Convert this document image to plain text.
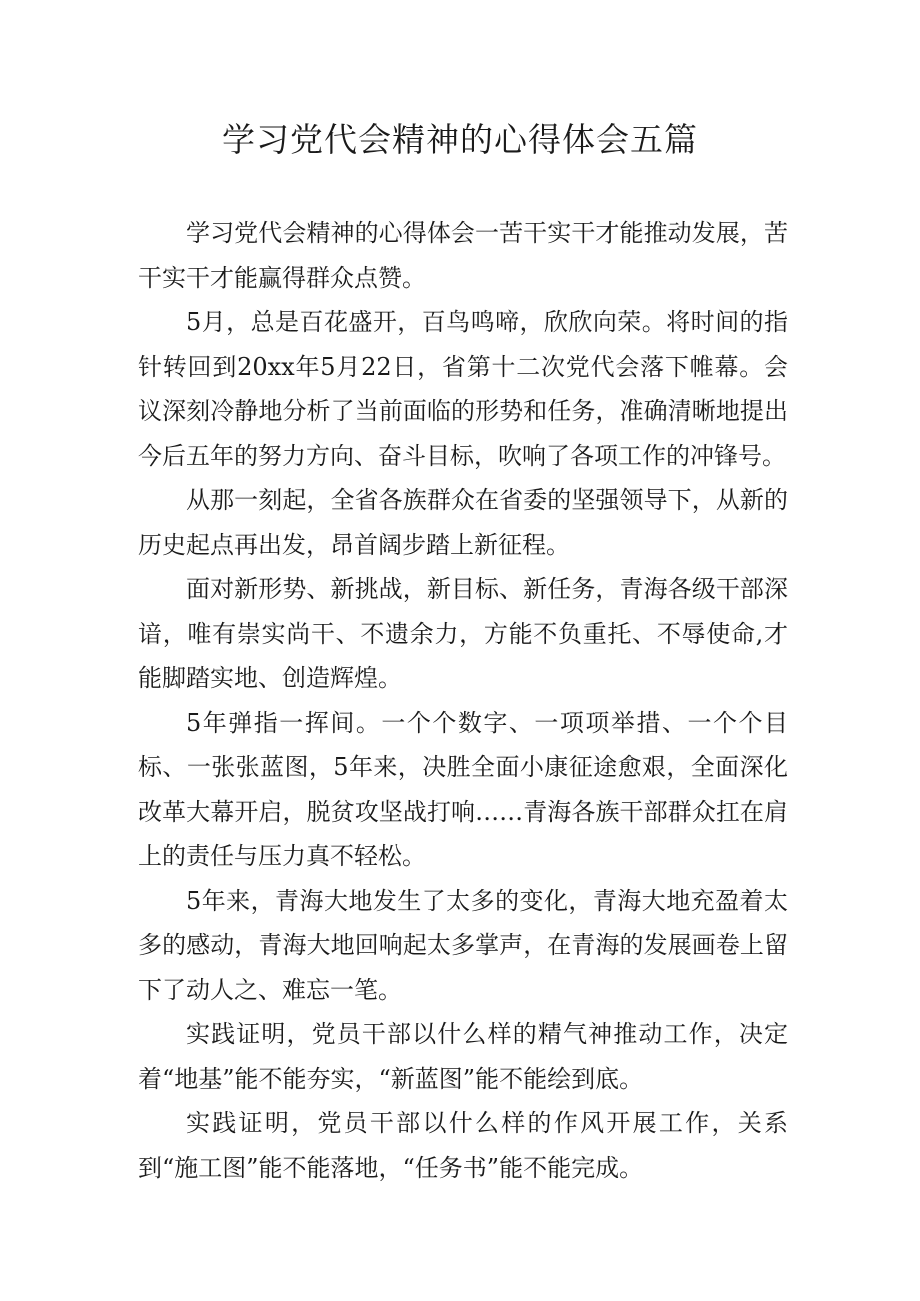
学习党代会精神的心得体会五篇

学习党代会精神的心得体会一苦干实干才能推动发展，苦干实干才能赢得群众点赞。

5月，总是百花盛开，百鸟鸣啼，欣欣向荣。将时间的指针转回到20xx年5月22日，省第十二次党代会落下帷幕。会议深刻冷静地分析了当前面临的形势和任务，准确清晰地提出今后五年的努力方向、奋斗目标，吹响了各项工作的冲锋号。

从那一刻起，全省各族群众在省委的坚强领导下，从新的历史起点再出发，昂首阔步踏上新征程。

面对新形势、新挑战，新目标、新任务，青海各级干部深谙，唯有崇实尚干、不遗余力，方能不负重托、不辱使命,才能脚踏实地、创造辉煌。

5年弹指一挥间。一个个数字、一项项举措、一个个目标、一张张蓝图，5年来，决胜全面小康征途愈艰，全面深化改革大幕开启，脱贫攻坚战打响……青海各族干部群众扛在肩上的责任与压力真不轻松。

5年来，青海大地发生了太多的变化，青海大地充盈着太多的感动，青海大地回响起太多掌声，在青海的发展画卷上留下了动人之、难忘一笔。

实践证明，党员干部以什么样的精气神推动工作，决定着“地基”能不能夯实，“新蓝图”能不能绘到底。

实践证明，党员干部以什么样的作风开展工作，关系到“施工图”能不能落地，“任务书”能不能完成。
